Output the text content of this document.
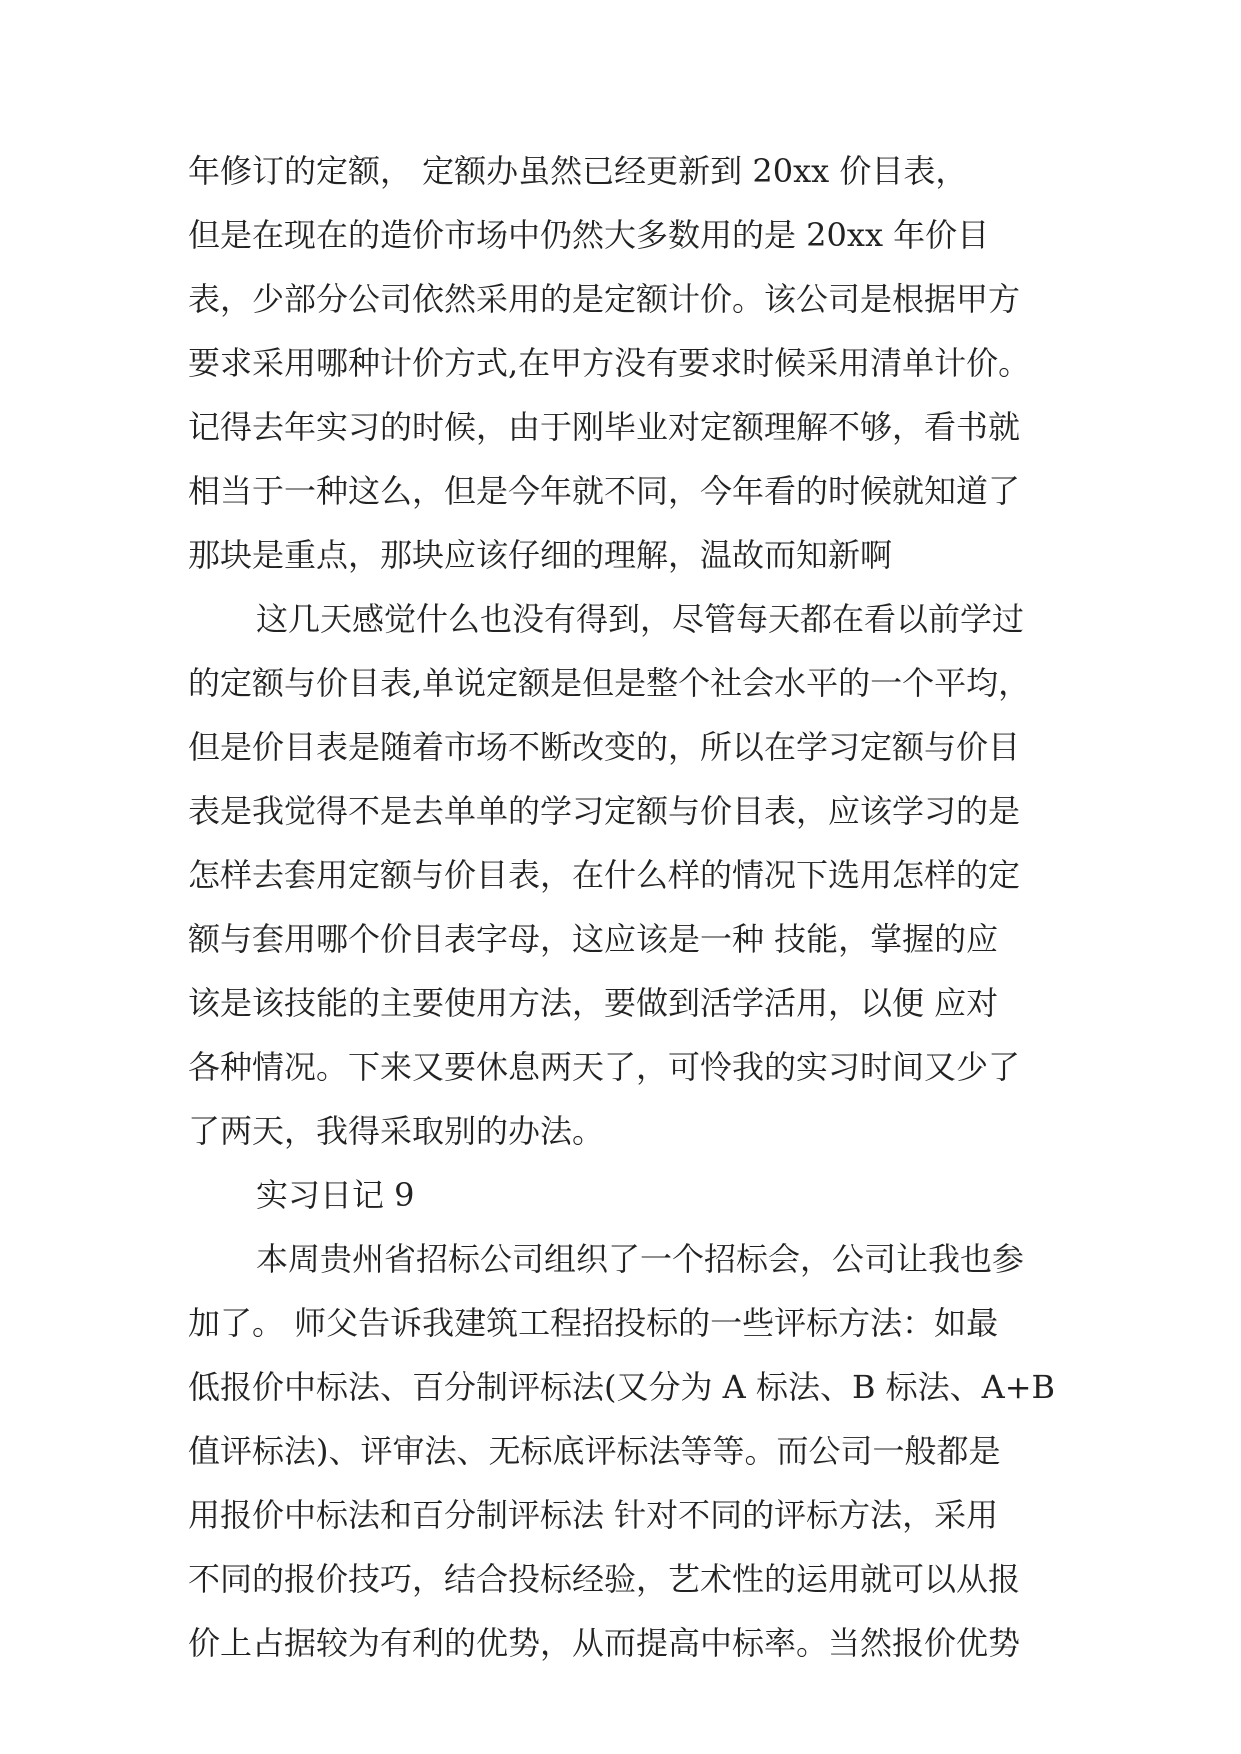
年修订的定额， 定额办虽然已经更新到 20xx 价目表，
但是在现在的造价市场中仍然大多数用的是 20xx 年价目
表，少部分公司依然采用的是定额计价。该公司是根据甲方
要求采用哪种计价方式,在甲方没有要求时候采用清单计价。
记得去年实习的时候，由于刚毕业对定额理解不够，看书就
相当于一种这么，但是今年就不同，今年看的时候就知道了
那块是重点，那块应该仔细的理解，温故而知新啊
这几天感觉什么也没有得到，尽管每天都在看以前学过
的定额与价目表,单说定额是但是整个社会水平的一个平均，
但是价目表是随着市场不断改变的，所以在学习定额与价目
表是我觉得不是去单单的学习定额与价目表，应该学习的是
怎样去套用定额与价目表，在什么样的情况下选用怎样的定
额与套用哪个价目表字母，这应该是一种 技能，掌握的应
该是该技能的主要使用方法，要做到活学活用，以便 应对
各种情况。下来又要休息两天了，可怜我的实习时间又少了
了两天，我得采取别的办法。
实习日记 9
本周贵州省招标公司组织了一个招标会，公司让我也参
加了。 师父告诉我建筑工程招投标的一些评标方法：如最
低报价中标法、百分制评标法(又分为 A 标法、B 标法、A+B
值评标法)、评审法、无标底评标法等等。而公司一般都是
用报价中标法和百分制评标法 针对不同的评标方法，采用
不同的报价技巧，结合投标经验，艺术性的运用就可以从报
价上占据较为有利的优势，从而提高中标率。当然报价优势
